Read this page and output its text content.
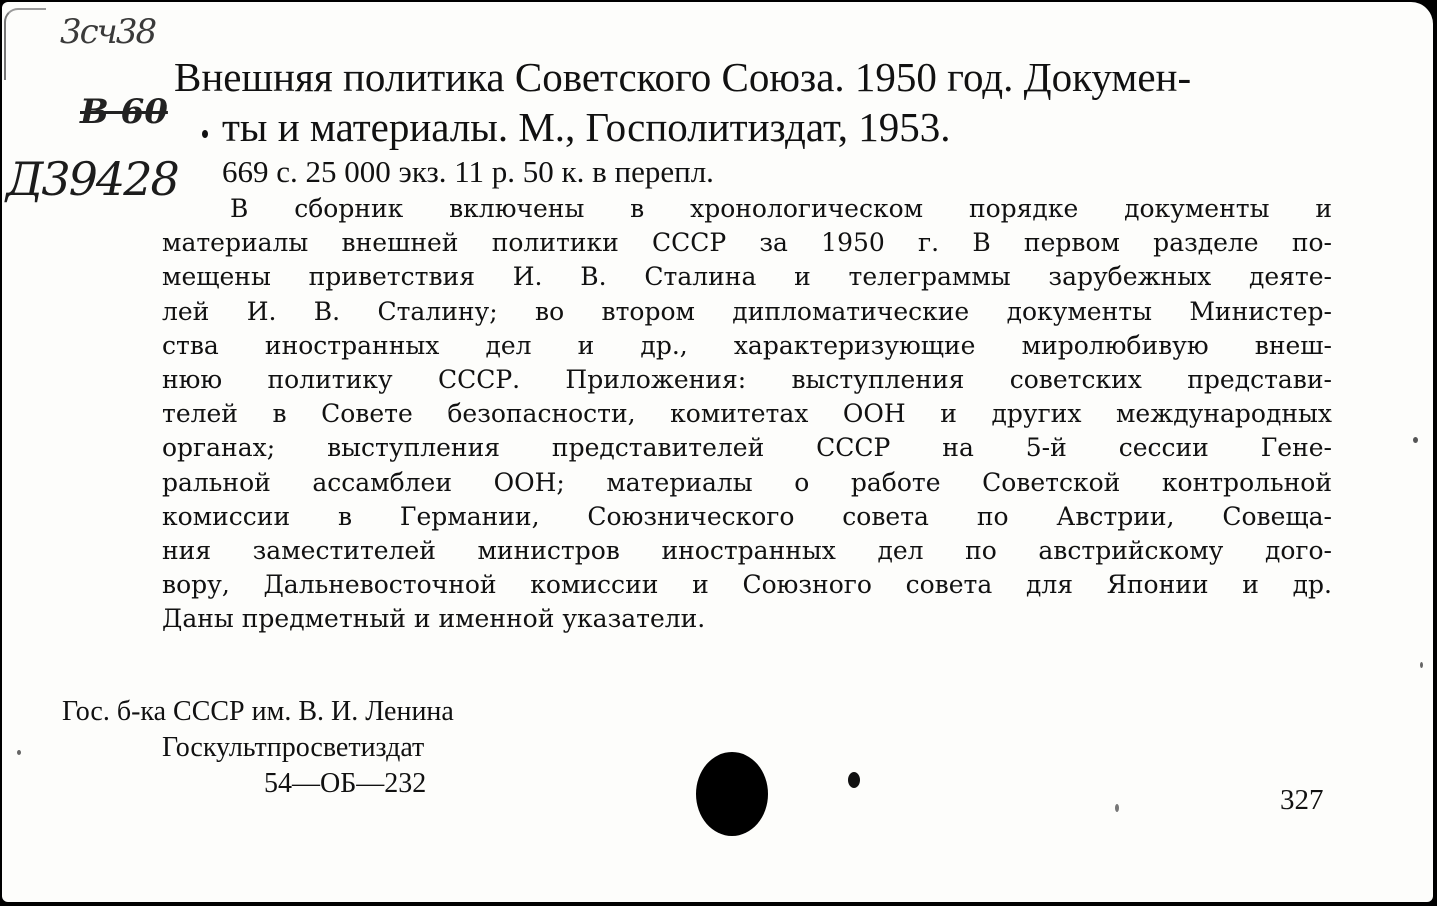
3сч38
В 60
Д39428
Внешняя политика Советского Союза. 1950 год. Докумен-
ты и материалы. М., Госполитиздат, 1953.
669 с. 25 000 экз. 11 р. 50 к. в перепл.
В сборник включены в хронологическом порядке документы и
материалы внешней политики СССР за 1950 г. В первом разделе по-
мещены приветствия И. В. Сталина и телеграммы зарубежных деяте-
лей И. В. Сталину; во втором дипломатические документы Министер-
ства иностранных дел и др., характеризующие миролюбивую внеш-
нюю политику СССР. Приложения: выступления советских представи-
телей в Совете безопасности, комитетах ООН и других международных
органах; выступления представителей СССР на 5-й сессии Гене-
ральной ассамблеи ООН; материалы о работе Советской контрольной
комиссии в Германии, Союзнического совета по Австрии, Совеща-
ния заместителей министров иностранных дел по австрийскому дого-
вору, Дальневосточной комиссии и Союзного совета для Японии и др.
Даны предметный и именной указатели.
Гос. б-ка СССР им. В. И. Ленина
Госкультпросветиздат
54—ОБ—232
327
